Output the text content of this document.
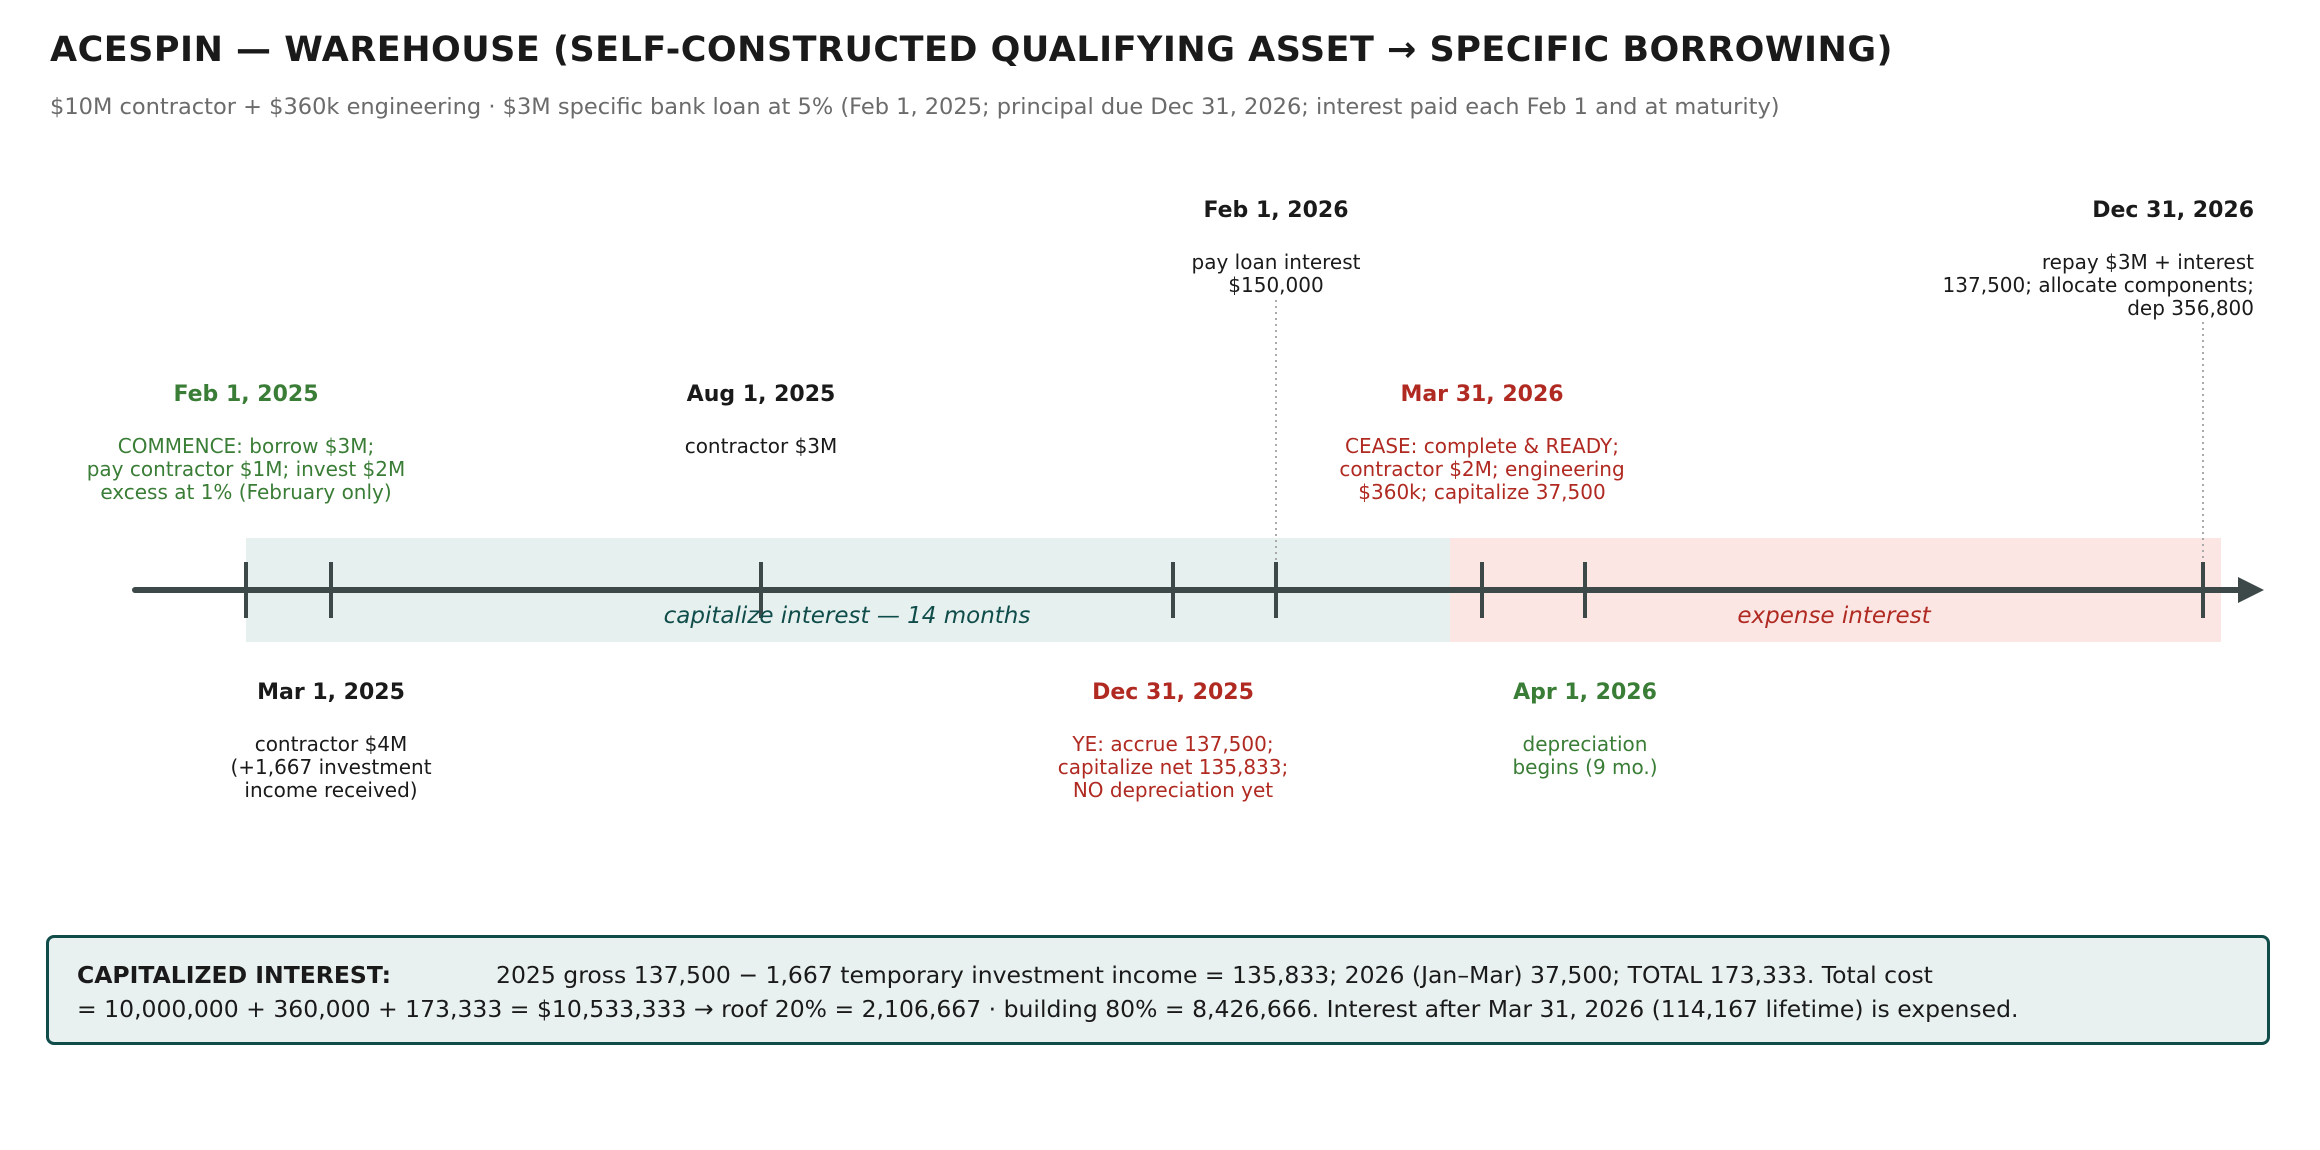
ACESPIN — WAREHOUSE (SELF-CONSTRUCTED QUALIFYING ASSET → SPECIFIC BORROWING)
$10M contractor + $360k engineering · $3M specific bank loan at 5% (Feb 1, 2025; principal due Dec 31, 2026; interest paid each Feb 1 and at maturity)
capitalize interest — 14 months	expense interest
Feb 1, 2025
COMMENCE: borrow $3M;
pay contractor $1M; invest $2M
excess at 1% (February only)
Mar 1, 2025
contractor $4M
(+1,667 investment
income received)
Aug 1, 2025
contractor $3M
Dec 31, 2025
YE: accrue 137,500;
capitalize net 135,833;
NO depreciation yet
Feb 1, 2026
pay loan interest
$150,000
Mar 31, 2026
CEASE: complete & READY;
contractor $2M; engineering
$360k; capitalize 37,500
Apr 1, 2026
depreciation
begins (9 mo.)
Dec 31, 2026
repay $3M + interest
137,500; allocate components;
dep 356,800
CAPITALIZED INTEREST:	2025 gross 137,500 − 1,667 temporary investment income = 135,833; 2026 (Jan–Mar) 37,500; TOTAL 173,333. Total cost
= 10,000,000 + 360,000 + 173,333 = $10,533,333 → roof 20% = 2,106,667 · building 80% = 8,426,666. Interest after Mar 31, 2026 (114,167 lifetime) is expensed.
